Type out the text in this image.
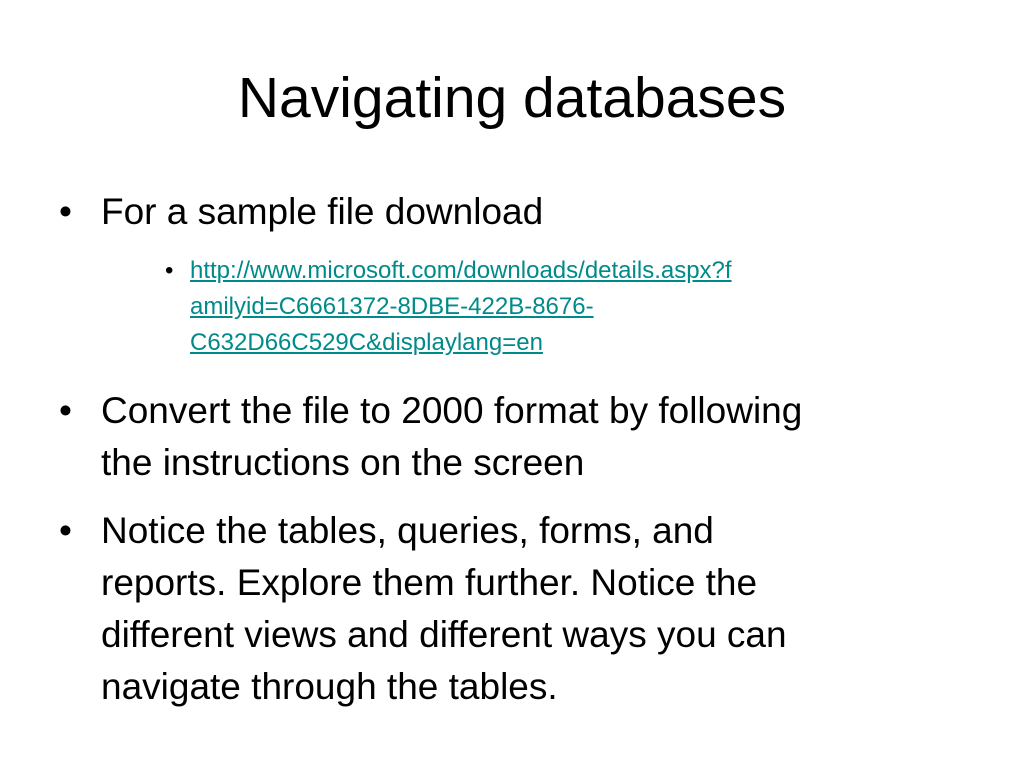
Navigating databases
• For a sample file download
• http://www.microsoft.com/downloads/details.aspx?f
amilyid=C6661372-8DBE-422B-8676-
C632D66C529C&displaylang=en
• Convert the file to 2000 format by following
the instructions on the screen
• Notice the tables, queries, forms, and
reports. Explore them further. Notice the
different views and different ways you can
navigate through the tables.
